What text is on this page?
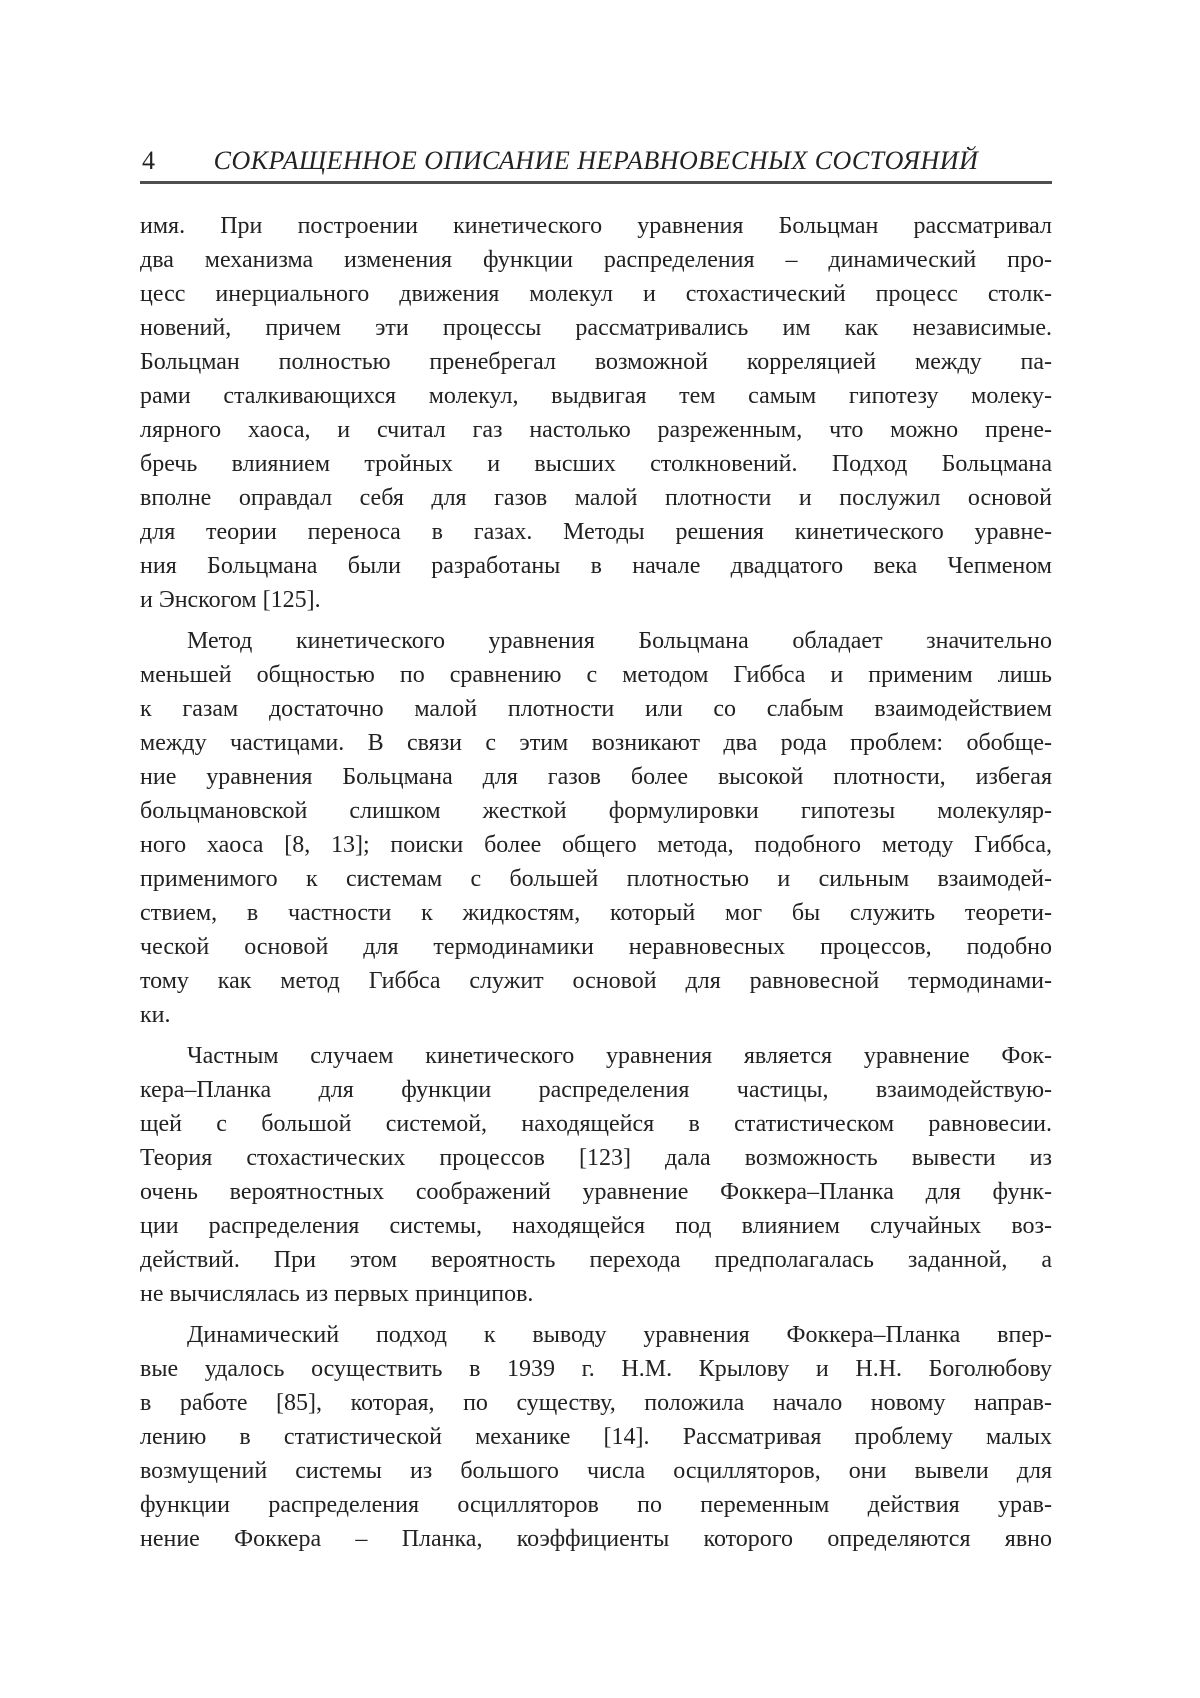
4	СОКРАЩЕННОЕ ОПИСАНИЕ НЕРАВНОВЕСНЫХ СОСТОЯНИЙ
имя. При построении кинетического уравнения Больцман рассматривал
два механизма изменения функции распределения – динамический про-
цесс инерциального движения молекул и стохастический процесс столк-
новений, причем эти процессы рассматривались им как независимые.
Больцман полностью пренебрегал возможной корреляцией между па-
рами сталкивающихся молекул, выдвигая тем самым гипотезу молеку-
лярного хаоса, и считал газ настолько разреженным, что можно прене-
бречь влиянием тройных и высших столкновений. Подход Больцмана
вполне оправдал себя для газов малой плотности и послужил основой
для теории переноса в газах. Методы решения кинетического уравне-
ния Больцмана были разработаны в начале двадцатого века Чепменом
и Энскогом [125].
Метод кинетического уравнения Больцмана обладает значительно
меньшей общностью по сравнению с методом Гиббса и применим лишь
к газам достаточно малой плотности или со слабым взаимодействием
между частицами. В связи с этим возникают два рода проблем: обобще-
ние уравнения Больцмана для газов более высокой плотности, избегая
больцмановской слишком жесткой формулировки гипотезы молекуляр-
ного хаоса [8, 13]; поиски более общего метода, подобного методу Гиббса,
применимого к системам с большей плотностью и сильным взаимодей-
ствием, в частности к жидкостям, который мог бы служить теорети-
ческой основой для термодинамики неравновесных процессов, подобно
тому как метод Гиббса служит основой для равновесной термодинами-
ки.
Частным случаем кинетического уравнения является уравнение Фок-
кера–Планка для функции распределения частицы, взаимодействую-
щей с большой системой, находящейся в статистическом равновесии.
Теория стохастических процессов [123] дала возможность вывести из
очень вероятностных соображений уравнение Фоккера–Планка для функ-
ции распределения системы, находящейся под влиянием случайных воз-
действий. При этом вероятность перехода предполагалась заданной, а
не вычислялась из первых принципов.
Динамический подход к выводу уравнения Фоккера–Планка впер-
вые удалось осуществить в 1939 г. Н.М. Крылову и Н.Н. Боголюбову
в работе [85], которая, по существу, положила начало новому направ-
лению в статистической механике [14]. Рассматривая проблему малых
возмущений системы из большого числа осцилляторов, они вывели для
функции распределения осцилляторов по переменным действия урав-
нение Фоккера – Планка, коэффициенты которого определяются явно
